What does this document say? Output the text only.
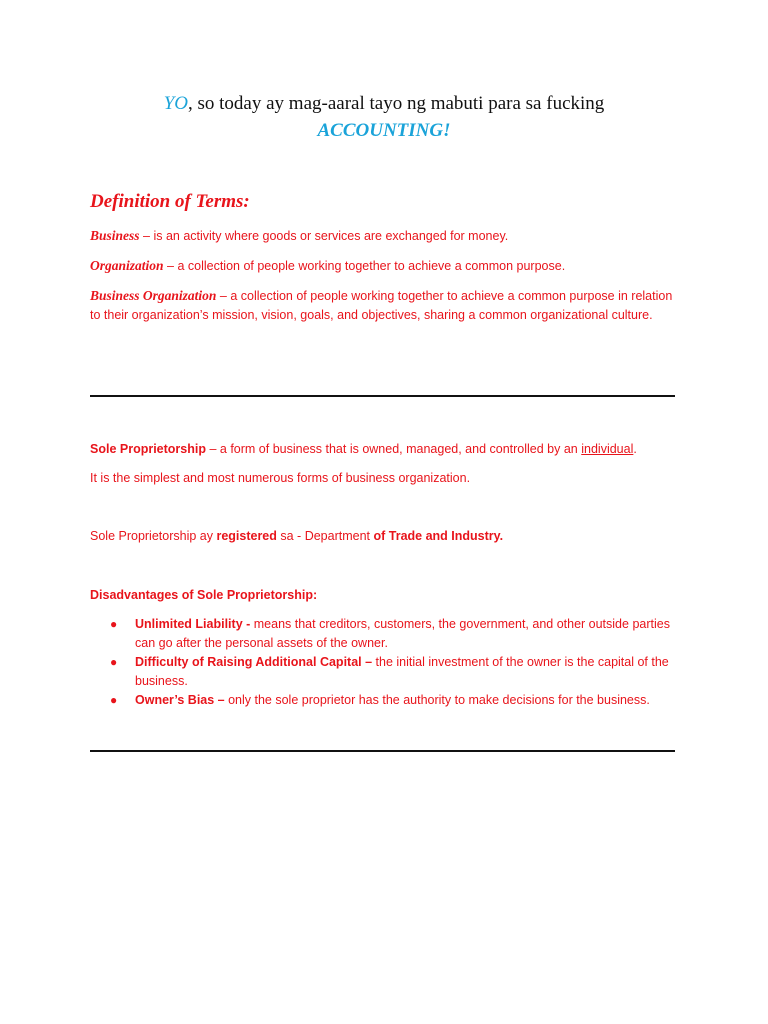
YO, so today ay mag-aaral tayo ng mabuti para sa fucking
ACCOUNTING!
Definition of Terms:
Business – is an activity where goods or services are exchanged for money.
Organization – a collection of people working together to achieve a common purpose.
Business Organization – a collection of people working together to achieve a common purpose in relation to their organization’s mission, vision, goals, and objectives, sharing a common organizational culture.
Sole Proprietorship – a form of business that is owned, managed, and controlled by an individual.
It is the simplest and most numerous forms of business organization.
Sole Proprietorship ay registered sa - Department of Trade and Industry.
Disadvantages of Sole Proprietorship:
● Unlimited Liability - means that creditors, customers, the government, and other outside parties can go after the personal assets of the owner.
● Difficulty of Raising Additional Capital – the initial investment of the owner is the capital of the business.
● Owner’s Bias – only the sole proprietor has the authority to make decisions for the business.
